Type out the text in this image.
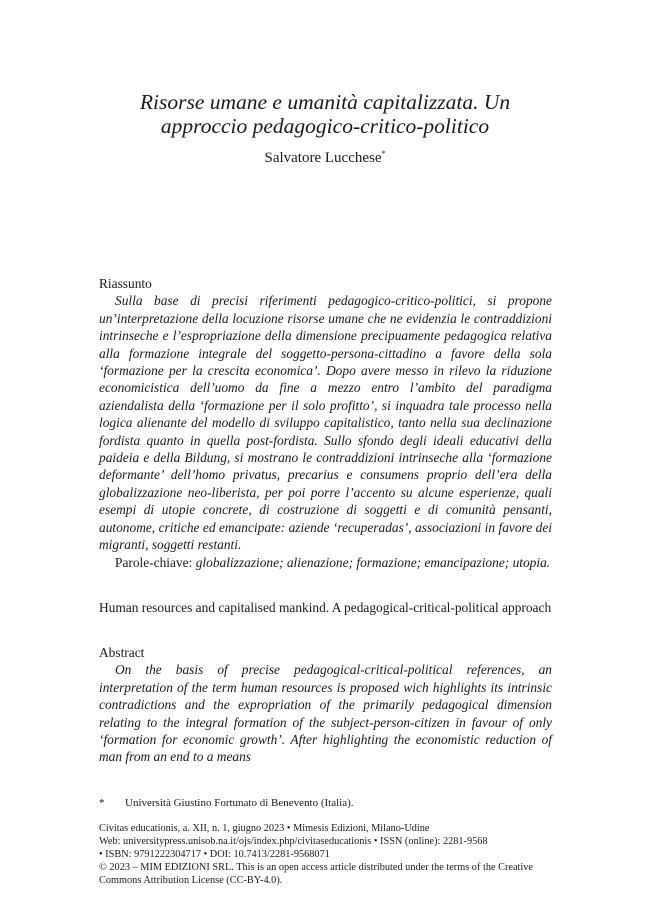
Risorse umane e umanità capitalizzata. Un
approccio pedagogico-critico-politico
Salvatore Lucchese*

Riassunto

Sulla base di precisi riferimenti pedagogico-critico-politici, si propone un’interpretazione della locuzione risorse umane che ne evidenzia le contraddizioni intrinseche e l’espropriazione della dimensione precipuamente pedagogica relativa alla formazione integrale del soggetto-persona-cittadino a favore della sola ‘formazione per la crescita economica’. Dopo avere messo in rilevo la riduzione economicistica dell’uomo da fine a mezzo entro l’ambito del paradigma aziendalista della ‘formazione per il solo profitto’, si inquadra tale processo nella logica alienante del modello di sviluppo capitalistico, tanto nella sua declinazione fordista quanto in quella post-fordista. Sullo sfondo degli ideali educativi della paideia e della Bildung, si mostrano le contraddizioni intrinseche alla ‘formazione deformante’ dell’homo privatus, precarius e consumens proprio dell’era della globalizzazione neo-liberista, per poi porre l’accento su alcune esperienze, quali esempi di utopie concrete, di costruzione di soggetti e di comunità pensanti, autonome, critiche ed emancipate: aziende ‘recuperadas’, associazioni in favore dei migranti, soggetti restanti.

Parole-chiave: globalizzazione; alienazione; formazione; emancipazione; utopia.

Human resources and capitalised mankind. A pedagogical-critical-political approach

Abstract

On the basis of precise pedagogical-critical-political references, an interpretation of the term human resources is proposed wich highlights its intrinsic contradictions and the expropriation of the primarily pedagogical dimension relating to the integral formation of the subject-person-citizen in favour of only ‘formation for economic growth’. After highlighting the economistic reduction of man from an end to a means

* Università Giustino Fortunato di Benevento (Italia).

Civitas educationis, a. XII, n. 1, giugno 2023 • Mimesis Edizioni, Milano-Udine

Web: universitypress.unisob.na.it/ojs/index.php/civitaseducationis • ISSN (online): 2281-9568

• ISBN: 9791222304717 • DOI: 10.7413/2281-9568071

© 2023 – MIM EDIZIONI SRL. This is an open access article distributed under the terms of the Creative Commons Attribution License (CC-BY-4.0).
